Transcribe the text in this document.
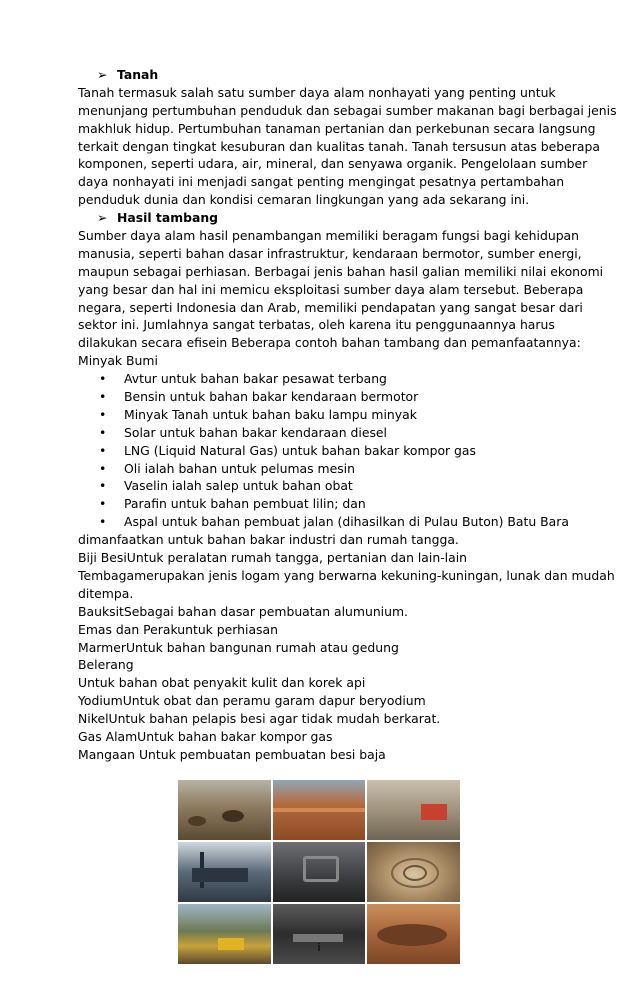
➢ Tanah
Tanah termasuk salah satu sumber daya alam nonhayati yang penting untuk
menunjang pertumbuhan penduduk dan sebagai sumber makanan bagi berbagai jenis
makhluk hidup. Pertumbuhan tanaman pertanian dan perkebunan secara langsung
terkait dengan tingkat kesuburan dan kualitas tanah. Tanah tersusun atas beberapa
komponen, seperti udara, air, mineral, dan senyawa organik. Pengelolaan sumber
daya nonhayati ini menjadi sangat penting mengingat pesatnya pertambahan
penduduk dunia dan kondisi cemaran lingkungan yang ada sekarang ini.
➢ Hasil tambang
Sumber daya alam hasil penambangan memiliki beragam fungsi bagi kehidupan
manusia, seperti bahan dasar infrastruktur, kendaraan bermotor, sumber energi,
maupun sebagai perhiasan. Berbagai jenis bahan hasil galian memiliki nilai ekonomi
yang besar dan hal ini memicu eksploitasi sumber daya alam tersebut. Beberapa
negara, seperti Indonesia dan Arab, memiliki pendapatan yang sangat besar dari
sektor ini. Jumlahnya sangat terbatas, oleh karena itu penggunaannya harus
dilakukan secara efisein Beberapa contoh bahan tambang dan pemanfaatannya:
Minyak Bumi
• Avtur untuk bahan bakar pesawat terbang
• Bensin untuk bahan bakar kendaraan bermotor
• Minyak Tanah untuk bahan baku lampu minyak
• Solar untuk bahan bakar kendaraan diesel
• LNG (Liquid Natural Gas) untuk bahan bakar kompor gas
• Oli ialah bahan untuk pelumas mesin
• Vaselin ialah salep untuk bahan obat
• Parafin untuk bahan pembuat lilin; dan
• Aspal untuk bahan pembuat jalan (dihasilkan di Pulau Buton) Batu Bara
dimanfaatkan untuk bahan bakar industri dan rumah tangga.
Biji BesiUntuk peralatan rumah tangga, pertanian dan lain-lain
Tembagamerupakan jenis logam yang berwarna kekuning-kuningan, lunak dan mudah
ditempa.
BauksitSebagai bahan dasar pembuatan alumunium.
Emas dan Perakuntuk perhiasan
MarmerUntuk bahan bangunan rumah atau gedung
Belerang
Untuk bahan obat penyakit kulit dan korek api
YodiumUntuk obat dan peramu garam dapur beryodium
NikelUntuk bahan pelapis besi agar tidak mudah berkarat.
Gas AlamUntuk bahan bakar kompor gas
Mangaan Untuk pembuatan pembuatan besi baja
i
